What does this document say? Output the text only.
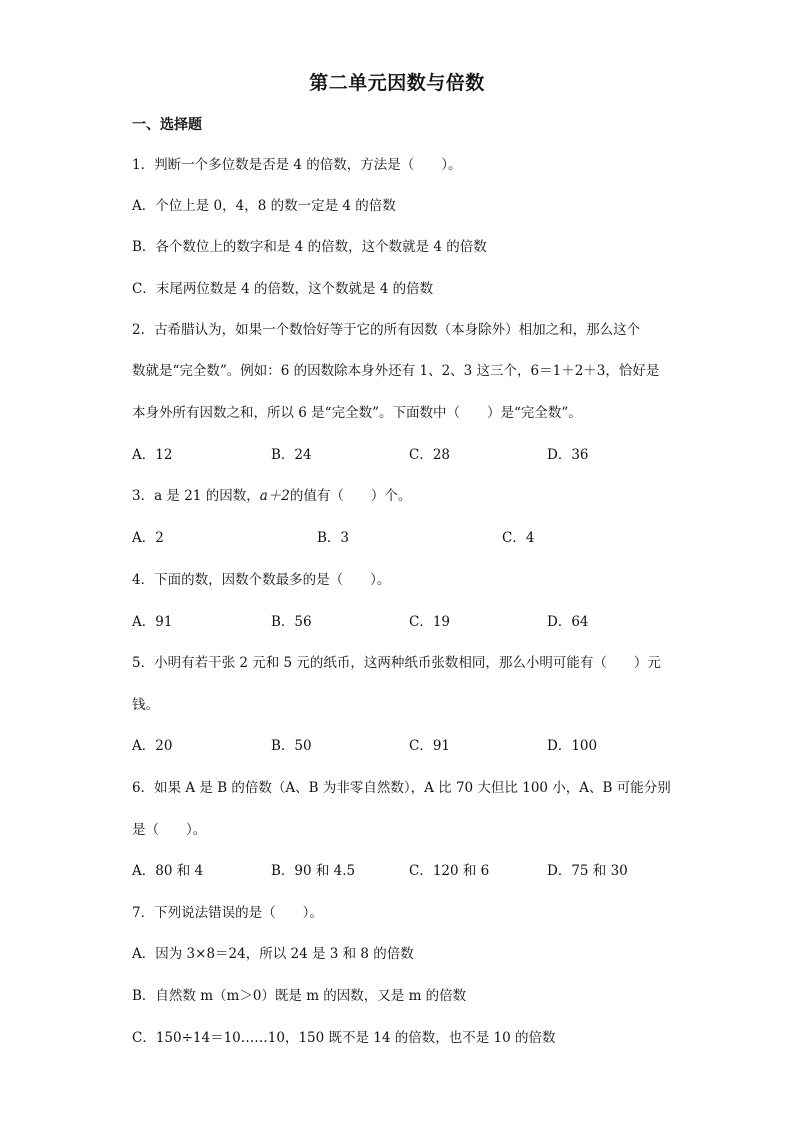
第二单元因数与倍数
一、选择题
1．判断一个多位数是否是 4 的倍数，方法是（　　）。
A．个位上是 0，4，8 的数一定是 4 的倍数
B．各个数位上的数字和是 4 的倍数，这个数就是 4 的倍数
C．末尾两位数是 4 的倍数，这个数就是 4 的倍数
2．古希腊认为，如果一个数恰好等于它的所有因数（本身除外）相加之和，那么这个
数就是“完全数”。例如：6 的因数除本身外还有 1、2、3 这三个，6＝1＋2＋3，恰好是
本身外所有因数之和，所以 6 是“完全数”。下面数中（　　）是“完全数”。
A．12	B．24	C．28	D．36
3．a 是 21 的因数，a＋2的值有（　　）个。
A．2	B．3	C．4
4．下面的数，因数个数最多的是（　　）。
A．91	B．56	C．19	D．64
5．小明有若干张 2 元和 5 元的纸币，这两种纸币张数相同，那么小明可能有（　　）元
钱。
A．20	B．50	C．91	D．100
6．如果 A 是 B 的倍数（A、B 为非零自然数），A 比 70 大但比 100 小，A、B 可能分别
是（　　）。
A．80 和 4	B．90 和 4.5	C．120 和 6	D．75 和 30
7．下列说法错误的是（　　）。
A．因为 3×8＝24，所以 24 是 3 和 8 的倍数
B．自然数 m（m＞0）既是 m 的因数，又是 m 的倍数
C．150÷14＝10……10，150 既不是 14 的倍数，也不是 10 的倍数
